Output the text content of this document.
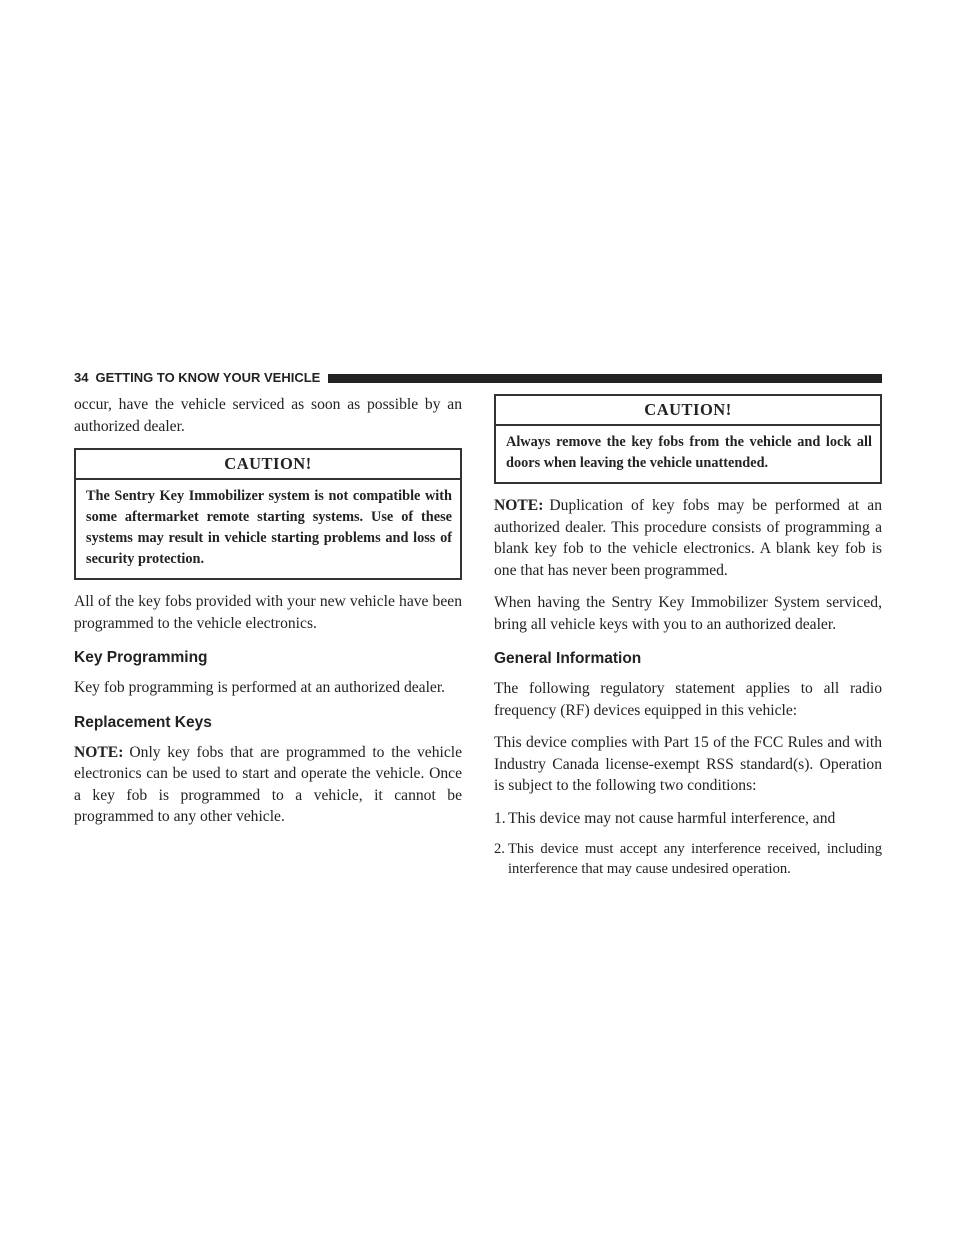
34 GETTING TO KNOW YOUR VEHICLE

occur, have the vehicle serviced as soon as possible by an authorized dealer.

CAUTION!
The Sentry Key Immobilizer system is not compatible with some aftermarket remote starting systems. Use of these systems may result in vehicle starting problems and loss of security protection.

All of the key fobs provided with your new vehicle have been programmed to the vehicle electronics.

Key Programming

Key fob programming is performed at an authorized dealer.

Replacement Keys

NOTE: Only key fobs that are programmed to the vehicle electronics can be used to start and operate the vehicle. Once a key fob is programmed to a vehicle, it cannot be programmed to any other vehicle.

CAUTION!
Always remove the key fobs from the vehicle and lock all doors when leaving the vehicle unattended.

NOTE: Duplication of key fobs may be performed at an authorized dealer. This procedure consists of programming a blank key fob to the vehicle electronics. A blank key fob is one that has never been programmed.

When having the Sentry Key Immobilizer System serviced, bring all vehicle keys with you to an authorized dealer.

General Information

The following regulatory statement applies to all radio frequency (RF) devices equipped in this vehicle:

This device complies with Part 15 of the FCC Rules and with Industry Canada license-exempt RSS standard(s). Operation is subject to the following two conditions:

1. This device may not cause harmful interference, and
2. This device must accept any interference received, including interference that may cause undesired operation.
